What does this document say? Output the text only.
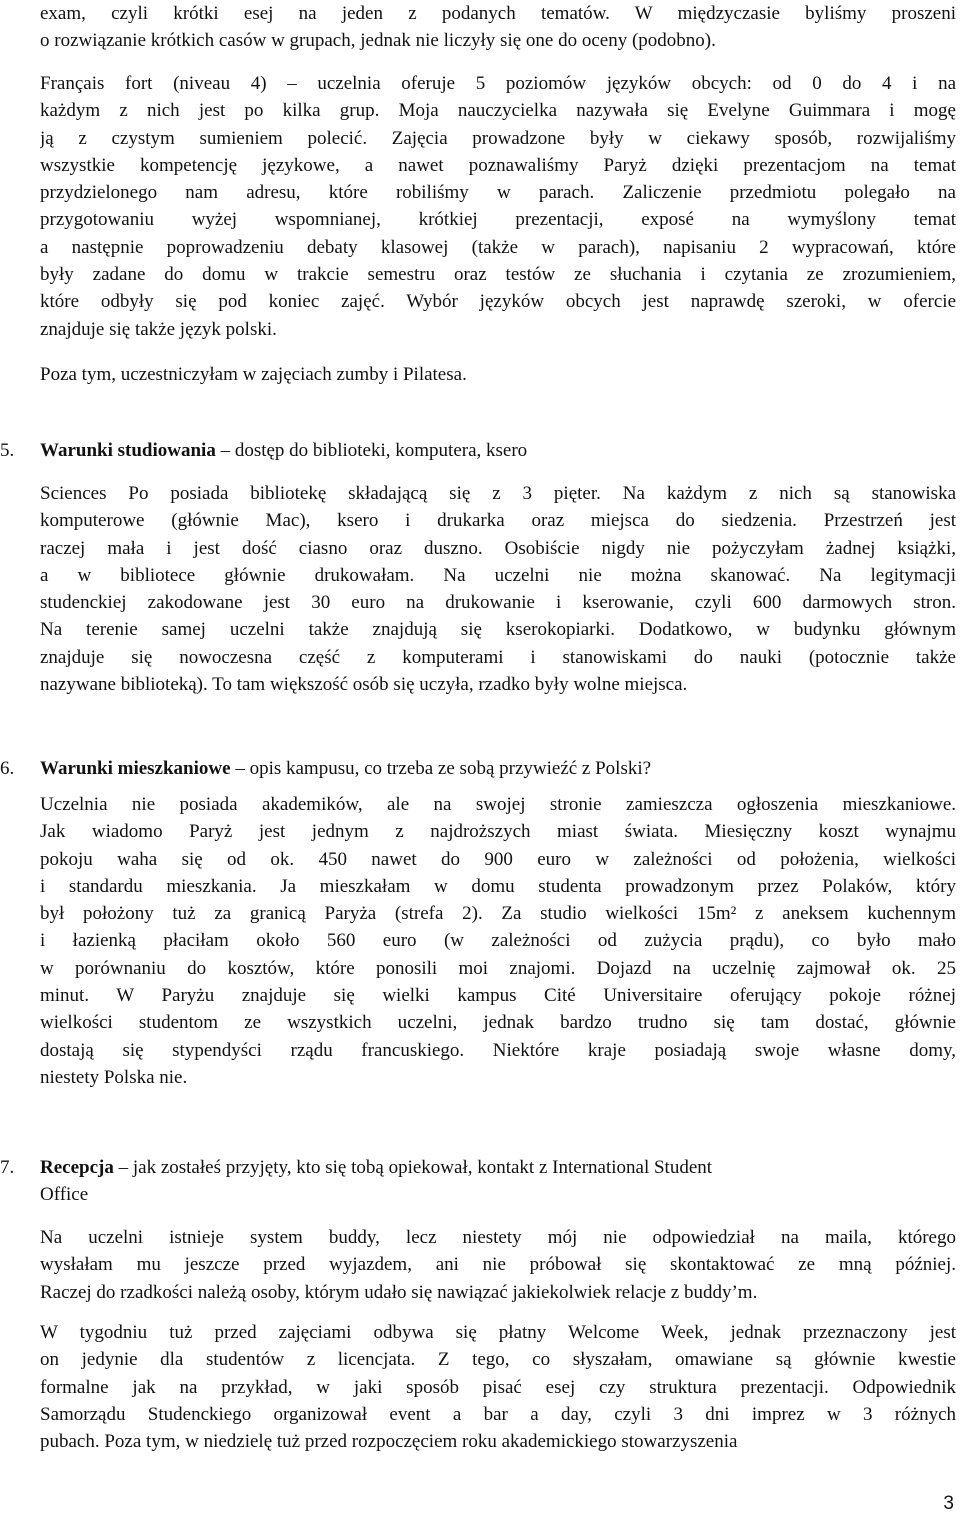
exam, czyli krótki esej na jeden z podanych tematów. W międzyczasie byliśmy proszeni
o rozwiązanie krótkich casów w grupach, jednak nie liczyły się one do oceny (podobno).
Français fort (niveau 4) – uczelnia oferuje 5 poziomów języków obcych: od 0 do 4 i na
każdym z nich jest po kilka grup. Moja nauczycielka nazywała się Evelyne Guimmara i mogę
ją z czystym sumieniem polecić. Zajęcia prowadzone były w ciekawy sposób, rozwijaliśmy
wszystkie kompetencję językowe, a nawet poznawaliśmy Paryż dzięki prezentacjom na temat
przydzielonego nam adresu, które robiliśmy w parach. Zaliczenie przedmiotu polegało na
przygotowaniu wyżej wspomnianej, krótkiej prezentacji, exposé na wymyślony temat
a następnie poprowadzeniu debaty klasowej (także w parach), napisaniu 2 wypracowań, które
były zadane do domu w trakcie semestru oraz testów ze słuchania i czytania ze zrozumieniem,
które odbyły się pod koniec zajęć. Wybór języków obcych jest naprawdę szeroki, w ofercie
znajduje się także język polski.
Poza tym, uczestniczyłam w zajęciach zumby i Pilatesa.
Sciences Po posiada bibliotekę składającą się z 3 pięter. Na każdym z nich są stanowiska
komputerowe (głównie Mac), ksero i drukarka oraz miejsca do siedzenia. Przestrzeń jest
raczej mała i jest dość ciasno oraz duszno. Osobiście nigdy nie pożyczyłam żadnej książki,
a w bibliotece głównie drukowałam. Na uczelni nie można skanować. Na legitymacji
studenckiej zakodowane jest 30 euro na drukowanie i kserowanie, czyli 600 darmowych stron.
Na terenie samej uczelni także znajdują się kserokopiarki. Dodatkowo, w budynku głównym
znajduje się nowoczesna część z komputerami i stanowiskami do nauki (potocznie także
nazywane biblioteką). To tam większość osób się uczyła, rzadko były wolne miejsca.
Uczelnia nie posiada akademików, ale na swojej stronie zamieszcza ogłoszenia mieszkaniowe.
Jak wiadomo Paryż jest jednym z najdroższych miast świata. Miesięczny koszt wynajmu
pokoju waha się od ok. 450 nawet do 900 euro w zależności od położenia, wielkości
i standardu mieszkania. Ja mieszkałam w domu studenta prowadzonym przez Polaków, który
był położony tuż za granicą Paryża (strefa 2). Za studio wielkości 15m² z aneksem kuchennym
i łazienką płaciłam około 560 euro (w zależności od zużycia prądu), co było mało
w porównaniu do kosztów, które ponosili moi znajomi. Dojazd na uczelnię zajmował ok. 25
minut. W Paryżu znajduje się wielki kampus Cité Universitaire oferujący pokoje różnej
wielkości studentom ze wszystkich uczelni, jednak bardzo trudno się tam dostać, głównie
dostają się stypendyści rządu francuskiego. Niektóre kraje posiadają swoje własne domy,
niestety Polska nie.
Na uczelni istnieje system buddy, lecz niestety mój nie odpowiedział na maila, którego
wysłałam mu jeszcze przed wyjazdem, ani nie próbował się skontaktować ze mną później.
Raczej do rzadkości należą osoby, którym udało się nawiązać jakiekolwiek relacje z buddy’m.
W tygodniu tuż przed zajęciami odbywa się płatny Welcome Week, jednak przeznaczony jest
on jedynie dla studentów z licencjata. Z tego, co słyszałam, omawiane są głównie kwestie
formalne jak na przykład, w jaki sposób pisać esej czy struktura prezentacji. Odpowiednik
Samorządu Studenckiego organizował event a bar a day, czyli 3 dni imprez w 3 różnych
pubach. Poza tym, w niedzielę tuż przed rozpoczęciem roku akademickiego stowarzyszenia
5. Warunki studiowania – dostęp do biblioteki, komputera, ksero
6. Warunki mieszkaniowe – opis kampusu, co trzeba ze sobą przywieźć z Polski?
7. Recepcja – jak zostałeś przyjęty, kto się tobą opiekował, kontakt z International Student
Office
3
